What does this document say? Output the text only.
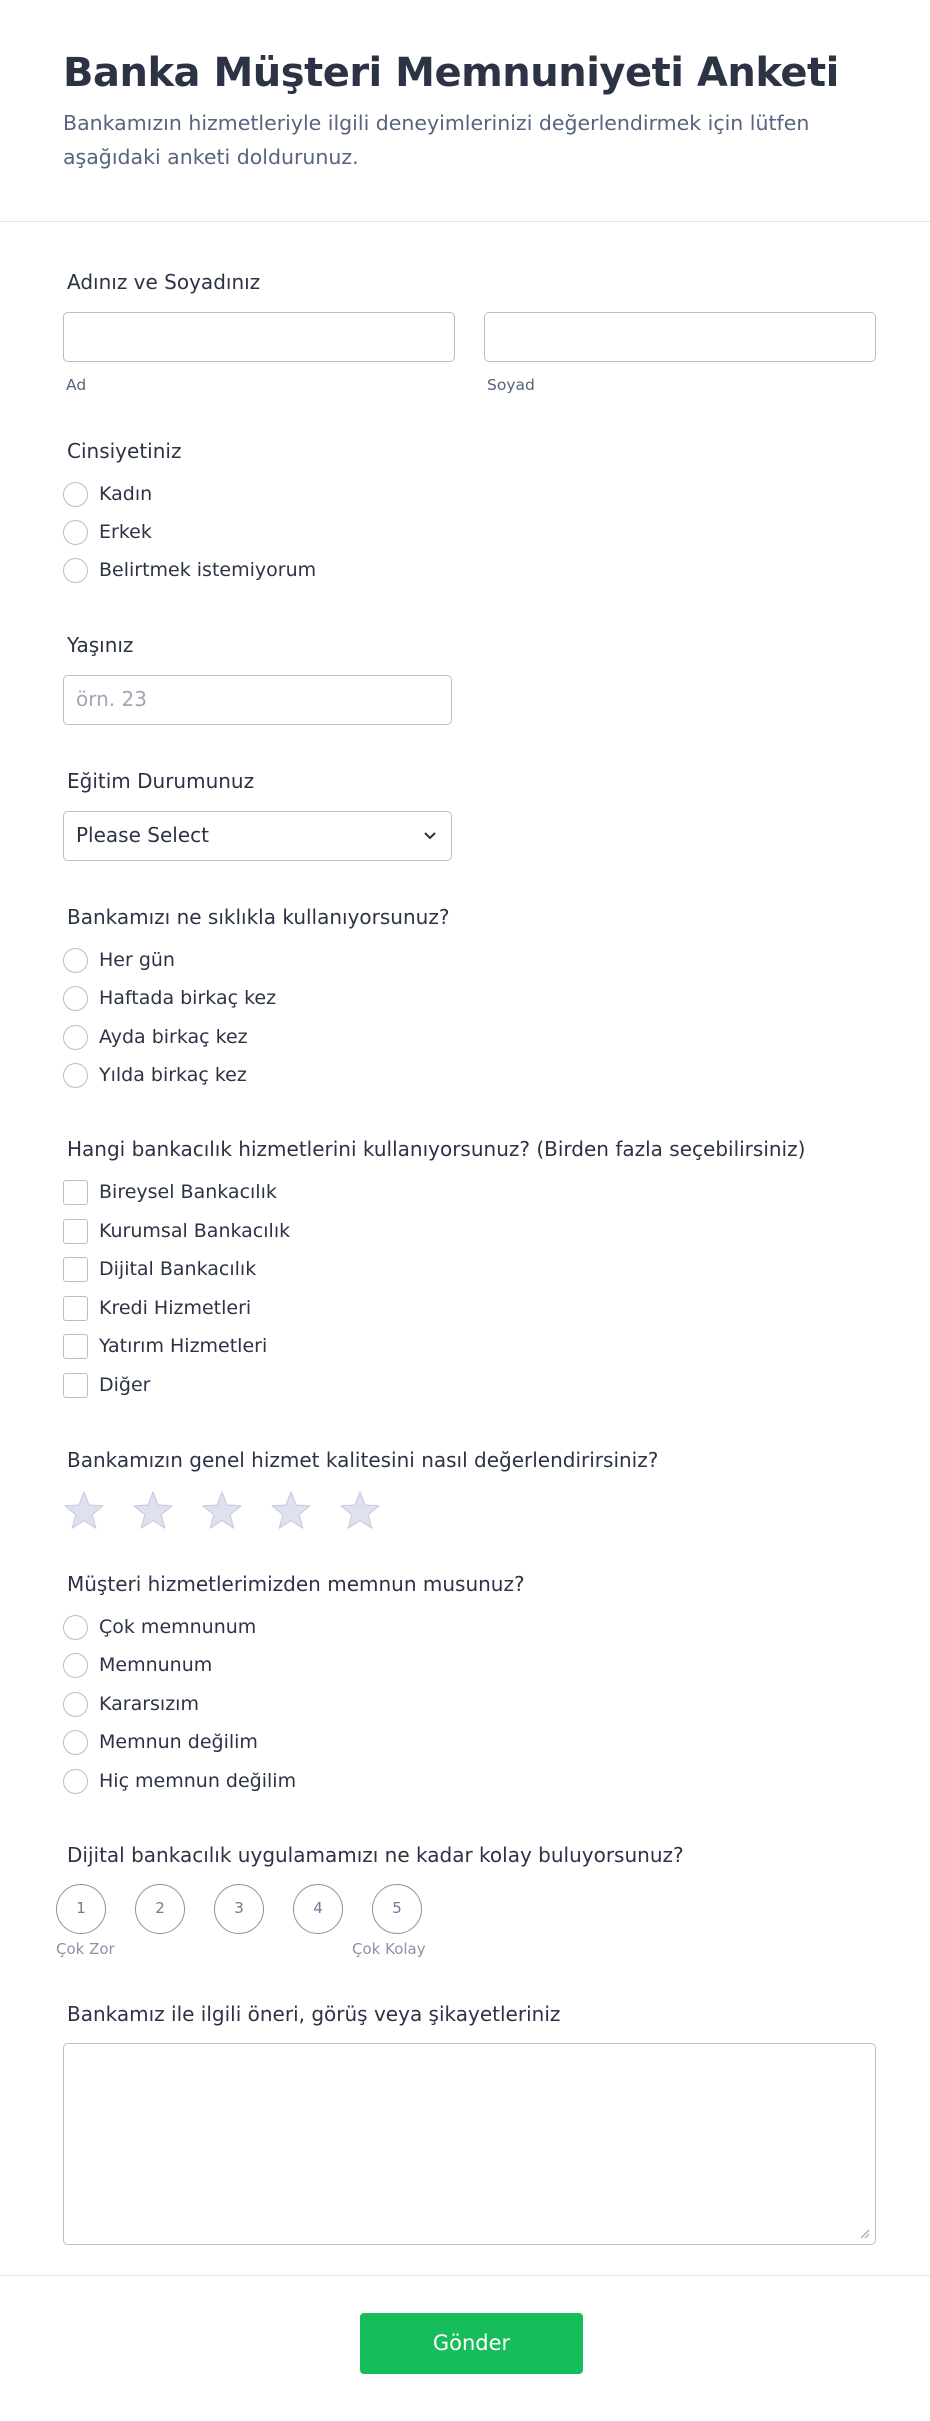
Banka Müşteri Memnuniyeti Anketi
Bankamızın hizmetleriyle ilgili deneyimlerinizi değerlendirmek için lütfen aşağıdaki anketi doldurunuz.
Adınız ve Soyadınız
Ad	Soyad
Cinsiyetiniz
Kadın
Erkek
Belirtmek istemiyorum
Yaşınız
örn. 23
Eğitim Durumunuz
Please Select
Bankamızı ne sıklıkla kullanıyorsunuz?
Her gün
Haftada birkaç kez
Ayda birkaç kez
Yılda birkaç kez
Hangi bankacılık hizmetlerini kullanıyorsunuz? (Birden fazla seçebilirsiniz)
Bireysel Bankacılık
Kurumsal Bankacılık
Dijital Bankacılık
Kredi Hizmetleri
Yatırım Hizmetleri
Diğer
Bankamızın genel hizmet kalitesini nasıl değerlendirirsiniz?
Müşteri hizmetlerimizden memnun musunuz?
Çok memnunum
Memnunum
Kararsızım
Memnun değilim
Hiç memnun değilim
Dijital bankacılık uygulamamızı ne kadar kolay buluyorsunuz?
1	2	3	4	5
Çok Zor	Çok Kolay
Bankamız ile ilgili öneri, görüş veya şikayetleriniz
Gönder
